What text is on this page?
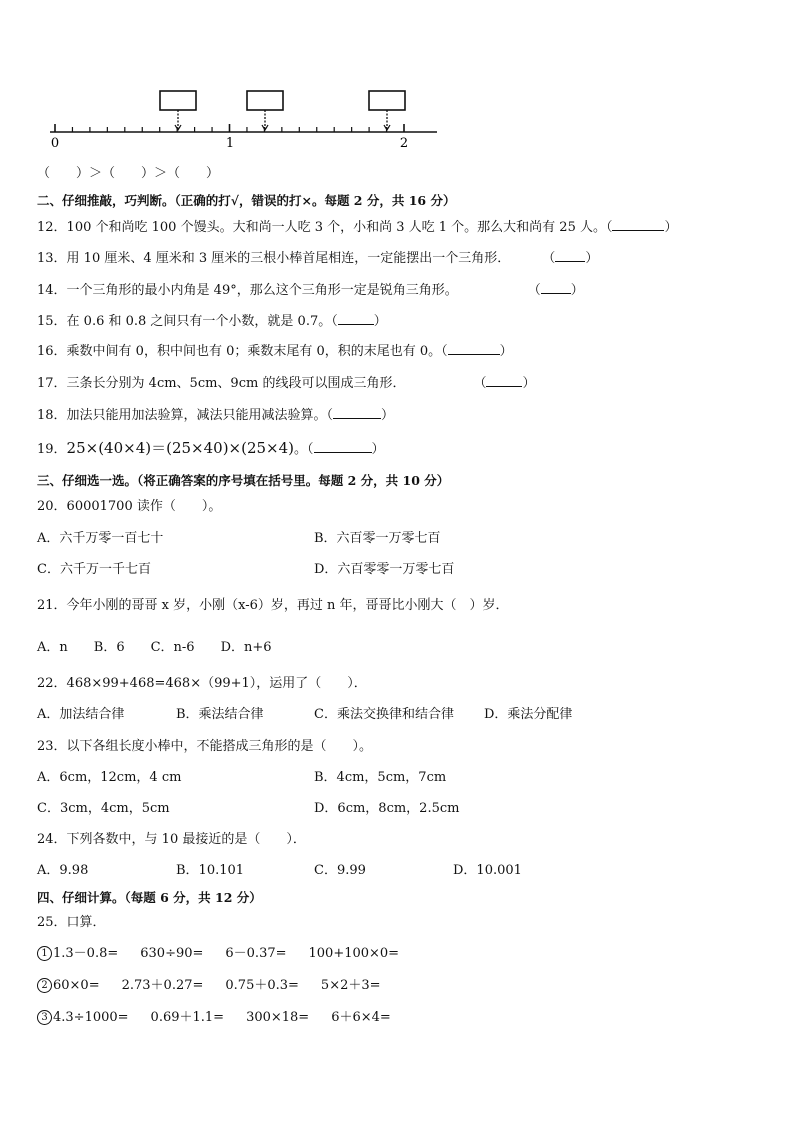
0	1	2
（　　）＞（　　）＞（　　）
二、仔细推敲，巧判断。（正确的打√，错误的打×。每题 2 分，共 16 分）
12．100 个和尚吃 100 个馒头。大和尚一人吃 3 个，小和尚 3 人吃 1 个。那么大和尚有 25 人。（	）
13．用 10 厘米、4 厘米和 3 厘米的三根小棒首尾相连，一定能摆出一个三角形． （ ）
14．一个三角形的最小内角是 49°，那么这个三角形一定是锐角三角形。	（ ）
15．在 0.6 和 0.8 之间只有一个小数，就是 0.7。（	）
16．乘数中间有 0，积中间也有 0；乘数末尾有 0，积的末尾也有 0。（	）
17．三条长分别为 4cm、5cm、9cm 的线段可以围成三角形．	（	）
18．加法只能用加法验算，减法只能用减法验算。（	）
19．25×(40×4)＝(25×40)×(25×4)。（	）
三、仔细选一选。（将正确答案的序号填在括号里。每题 2 分，共 10 分）
20．60001700 读作（　　）。
A．六千万零一百七十	B．六百零一万零七百
C．六千万一千七百	D．六百零零一万零七百
21．今年小刚的哥哥 x 岁，小刚（x-6）岁，再过 n 年，哥哥比小刚大（　）岁．
A．n　　B．6　　C．n-6　　D．n+6
22．468×99+468=468×（99+1），运用了（　　）．
A．加法结合律	B．乘法结合律	C．乘法交换律和结合律 D．乘法分配律
23．以下各组长度小棒中，不能搭成三角形的是（　　）。
A．6cm，12cm，4 cm	B．4cm，5cm，7cm
C．3cm，4cm，5cm	D．6cm，8cm，2.5cm
24．下列各数中，与 10 最接近的是（　　）．
A．9.98	B．10.101	C．9.99	D．10.001
四、仔细计算。（每题 6 分，共 12 分）
25．口算．
1 1.3－0.8= 630÷90= 6－0.37= 100+100×0=
2 60×0= 2.73＋0.27= 0.75＋0.3= 5×2＋3=
3 4.3÷1000= 0.69＋1.1= 300×18= 6＋6×4=
